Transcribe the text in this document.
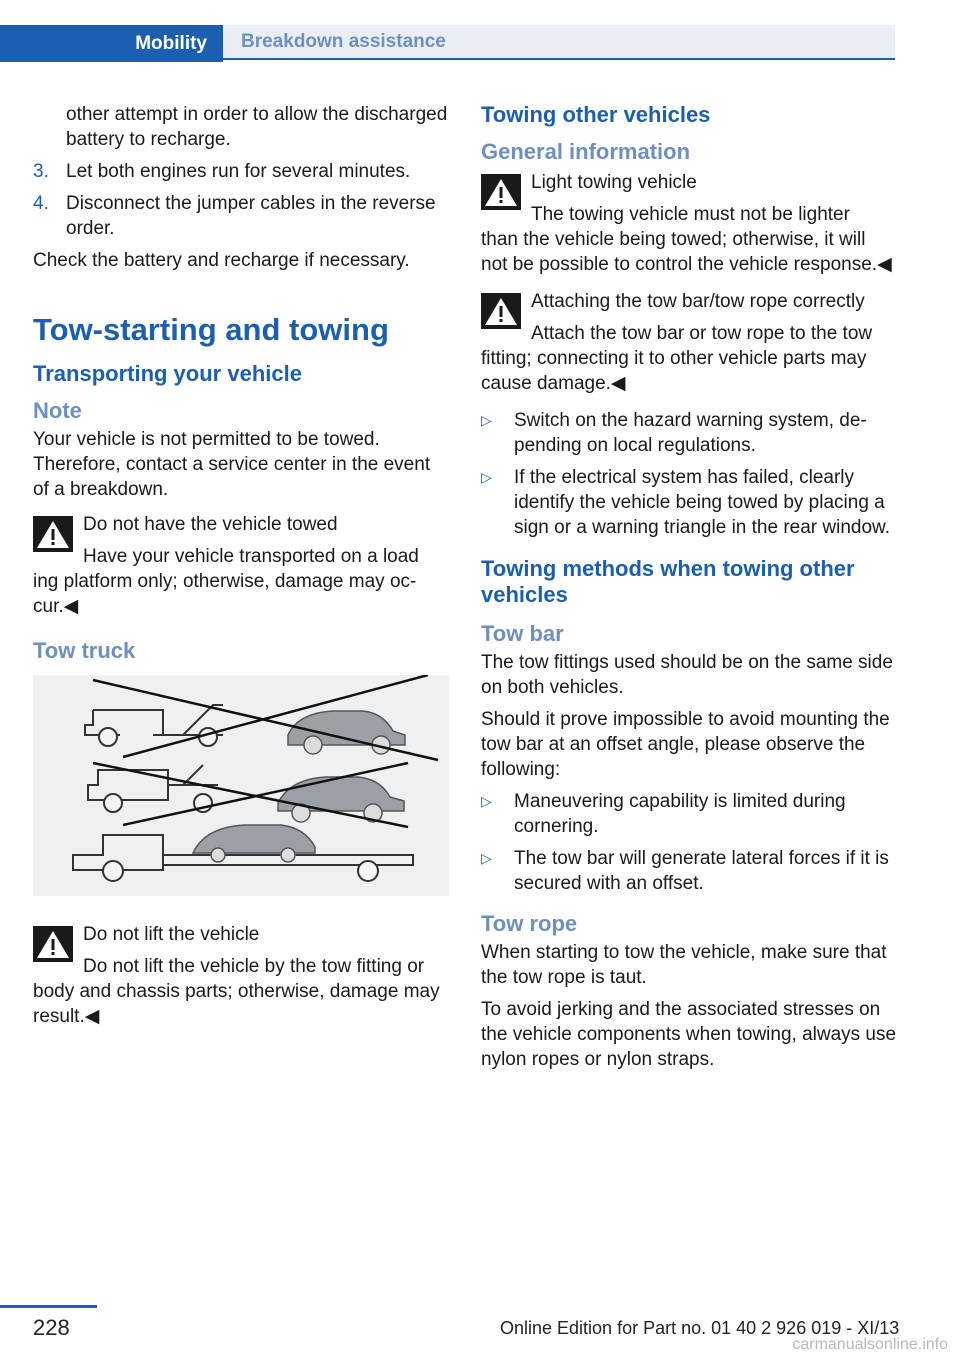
Mobility	Breakdown assistance
other attempt in order to allow the discharged battery to recharge.
3. Let both engines run for several minutes.
4. Disconnect the jumper cables in the reverse order.

Check the battery and recharge if necessary.

Tow-starting and towing
Transporting your vehicle
Note

Your vehicle is not permitted to be towed. Therefore, contact a service center in the event of a breakdown.

Do not have the vehicle towed
Have your vehicle transported on a load
ing platform only; otherwise, damage may occur.◀
Tow truck
Do not lift the vehicle
Do not lift the vehicle by the tow fitting or
body and chassis parts; otherwise, damage may result.◀
Towing other vehicles
General information
Light towing vehicle
The towing vehicle must not be lighter
than the vehicle being towed; otherwise, it will not be possible to control the vehicle response.◀
Attaching the tow bar/tow rope correctly
Attach the tow bar or tow rope to the tow
fitting; connecting it to other vehicle parts may cause damage.◀
▷ Switch on the hazard warning system, depending on local regulations.
▷ If the electrical system has failed, clearly identify the vehicle being towed by placing a sign or a warning triangle in the rear window.
Towing methods when towing other vehicles
Tow bar

The tow fittings used should be on the same side on both vehicles.

Should it prove impossible to avoid mounting the tow bar at an offset angle, please observe the following:

▷ Maneuvering capability is limited during cornering.
▷ The tow bar will generate lateral forces if it is secured with an offset.
Tow rope

When starting to tow the vehicle, make sure that the tow rope is taut.

To avoid jerking and the associated stresses on the vehicle components when towing, always use nylon ropes or nylon straps.

228	Online Edition for Part no. 01 40 2 926 019 - XI/13
carmanualsonline.info
